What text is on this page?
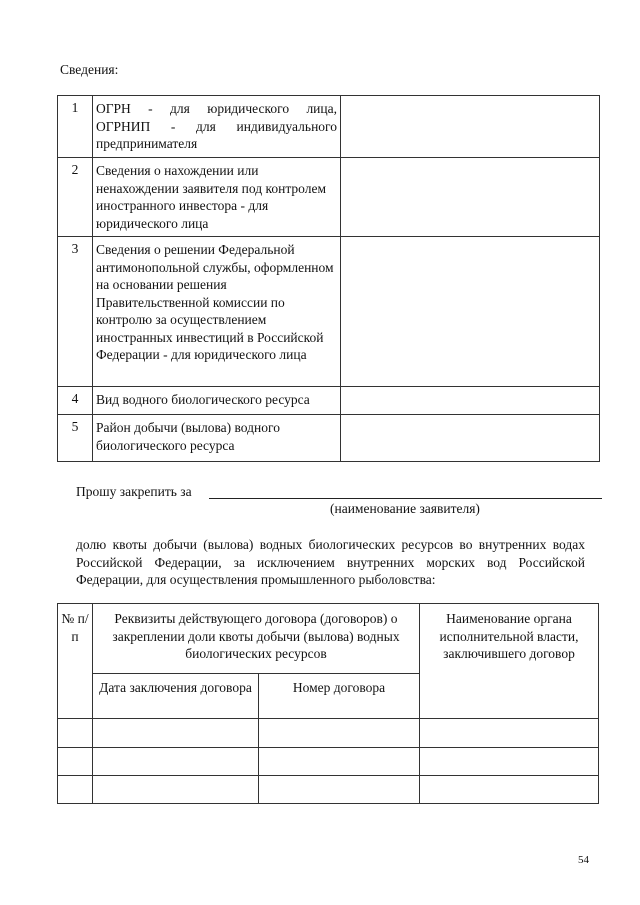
Сведения:
1	ОГРН - для юридического лица, ОГРНИП - для индивидуального предпринимателя	
2	Сведения о нахождении или ненахождении заявителя под контролем иностранного инвестора - для юридического лица	
3	Сведения о решении Федеральной антимонопольной службы, оформленном на основании решения Правительственной комиссии по контролю за осуществлением иностранных инвестиций в Российской Федерации - для юридического лица	
4	Вид водного биологического ресурса	
5	Район добычи (вылова) водного биологического ресурса	
Прошу закрепить за
(наименование заявителя)
долю квоты добычи (вылова) водных биологических ресурсов во внутренних водах Российской Федерации, за исключением внутренних морских вод Российской Федерации, для осуществления промышленного рыболовства:
№ п/п	Реквизиты действующего договора (договоров) о закреплении доли квоты добычи (вылова) водных биологических ресурсов		Наименование органа исполнительной власти, заключившего договор
	Дата заключения договора	Номер договора	

54
